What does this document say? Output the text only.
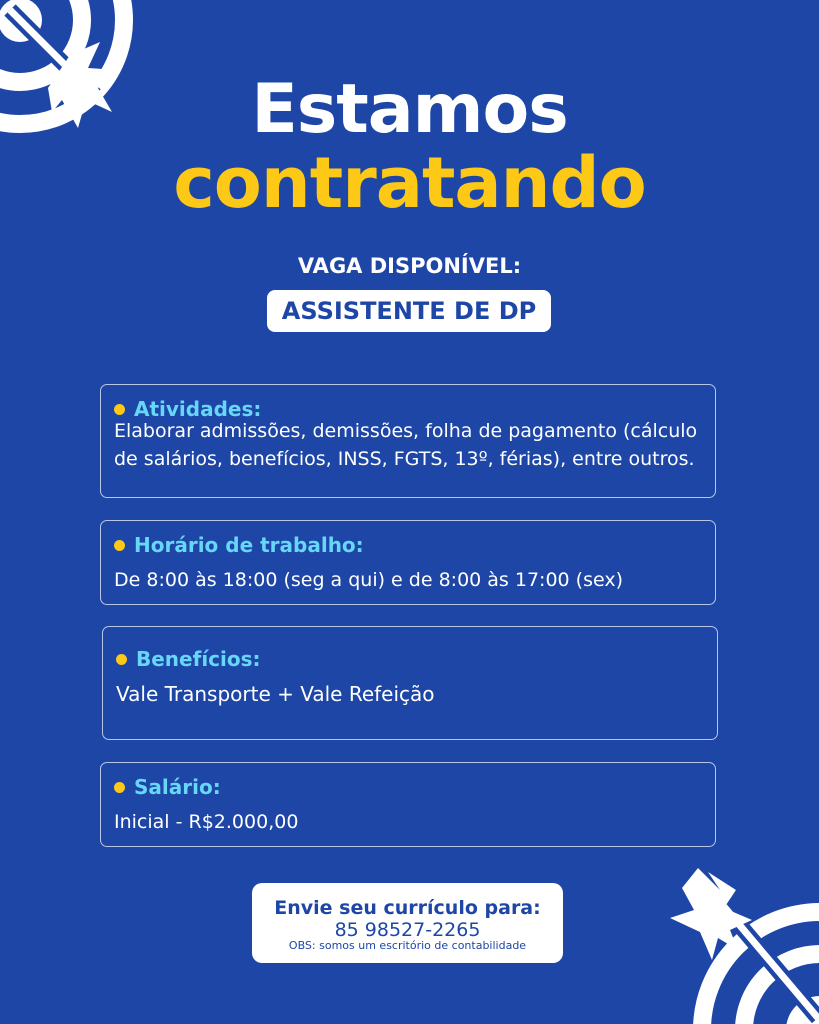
Estamos
contratando
VAGA DISPONÍVEL:
ASSISTENTE DE DP
Atividades:
Elaborar admissões, demissões, folha de pagamento (cálculo de salários, benefícios, INSS, FGTS, 13º, férias), entre outros.
Horário de trabalho:
De 8:00 às 18:00 (seg a qui) e de 8:00 às 17:00 (sex)
Benefícios:
Vale Transporte + Vale Refeição
Salário:
Inicial - R$2.000,00
Envie seu currículo para:
85 98527-2265
OBS: somos um escritório de contabilidade
